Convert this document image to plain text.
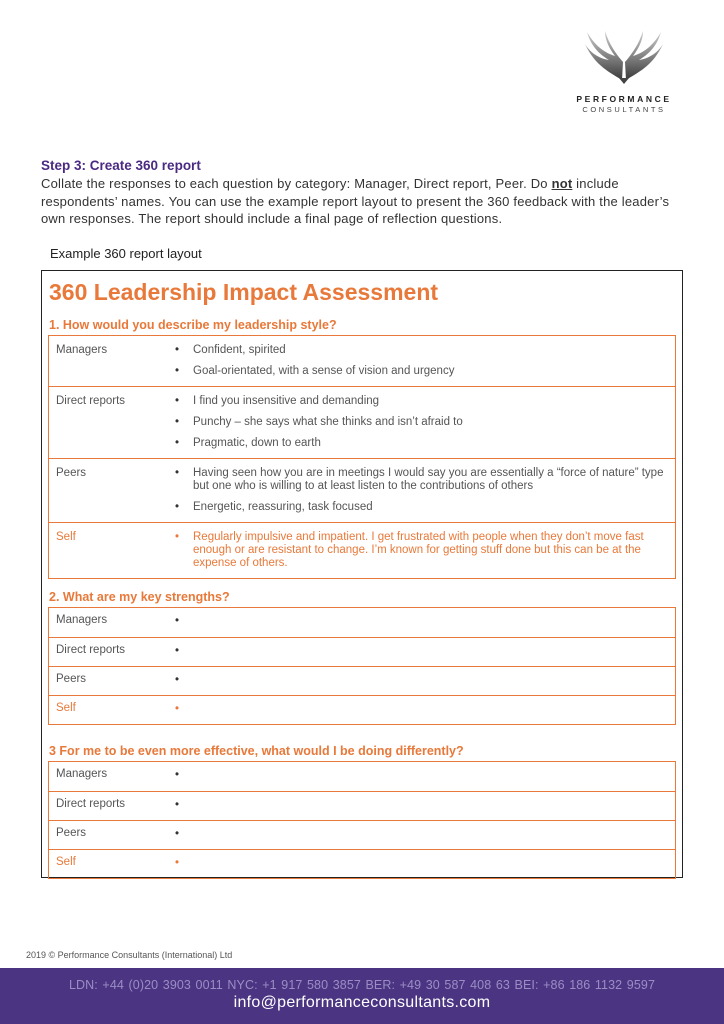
PERFORMANCE
CONSULTANTS
Step 3: Create 360 report
Collate the responses to each question by category: Manager, Direct report, Peer. Do not include respondents’ names. You can use the example report layout to present the 360 feedback with the leader’s own responses. The report should include a final page of reflection questions.
Example 360 report layout
360 Leadership Impact Assessment
1. How would you describe my leadership style?
Managers	•	Confident, spirited
•	Goal-orientated, with a sense of vision and urgency
Direct reports	•	I find you insensitive and demanding
•	Punchy – she says what she thinks and isn’t afraid to
•	Pragmatic, down to earth
Peers	•	Having seen how you are in meetings I would say you are essentially a “force of nature” type but one who is willing to at least listen to the contributions of others
•	Energetic, reassuring, task focused
Self	•	Regularly impulsive and impatient. I get frustrated with people when they don’t move fast enough or are resistant to change. I’m known for getting stuff done but this can be at the expense of others.
2. What are my key strengths?
Managers	•
Direct reports	•
Peers	•
Self	•
3 For me to be even more effective, what would I be doing differently?
Managers	•
Direct reports	•
Peers	•
Self	•
2019 © Performance Consultants (International) Ltd
LDN: +44 (0)20 3903 0011 NYC: +1 917 580 3857 BER: +49 30 587 408 63 BEI: +86 186 1132 9597
info@performanceconsultants.com
